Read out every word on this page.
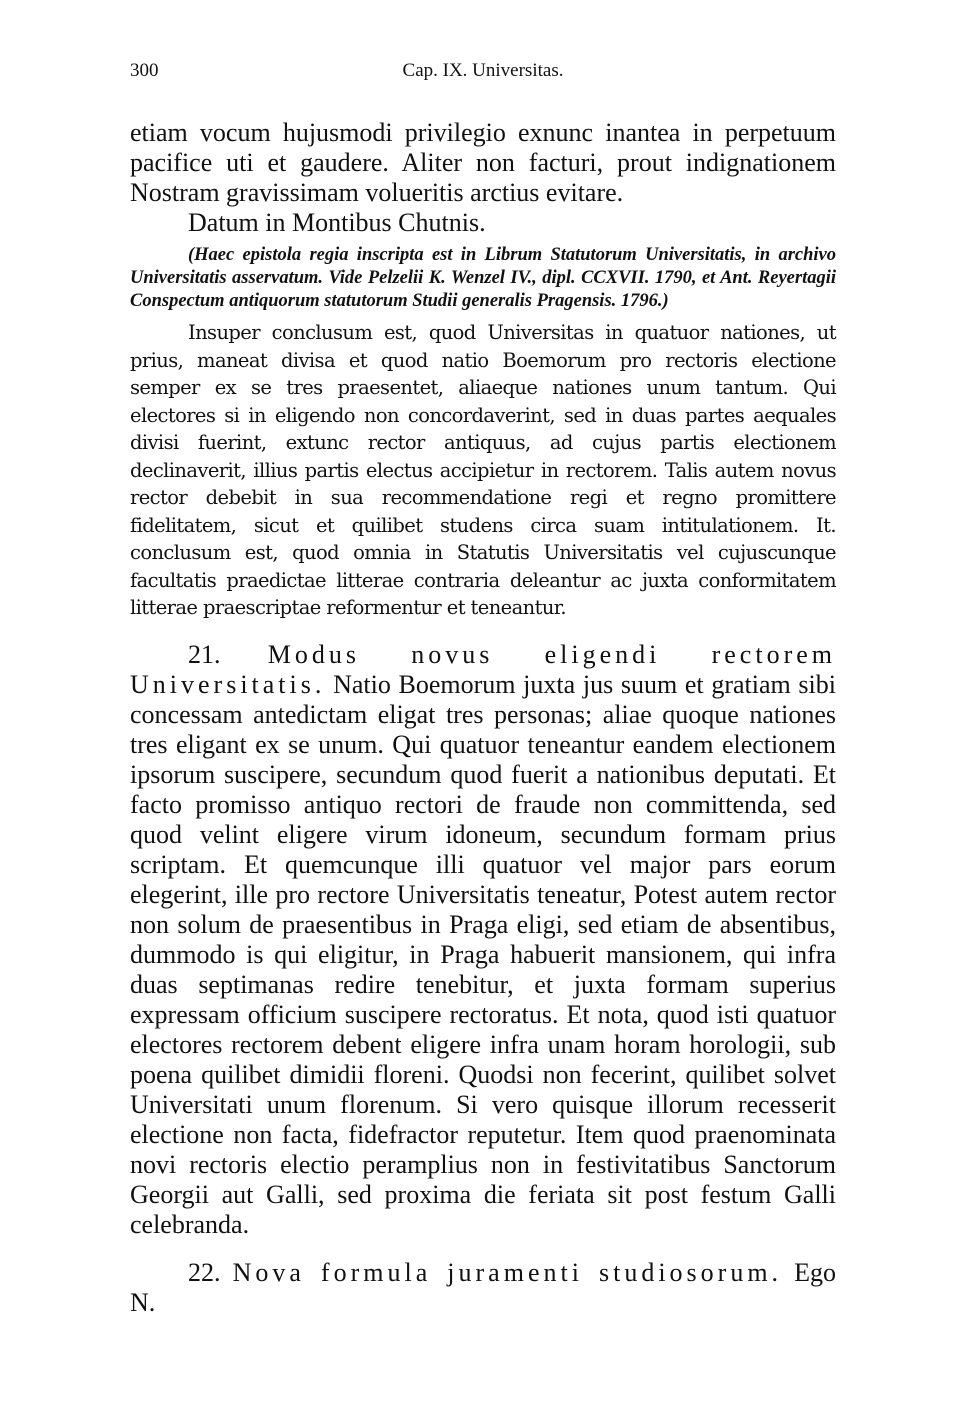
300	Cap. IX. Universitas.

etiam vocum hujusmodi privilegio exnunc inantea in perpetuum pacifice uti et gaudere. Aliter non facturi, prout indignationem Nostram gravissimam volueritis arctius evitare.

Datum in Montibus Chutnis.

(Haec epistola regia inscripta est in Librum Statutorum Universitatis, in archivo Universitatis asservatum. Vide Pelzelii K. Wenzel IV., dipl. CCXVII. 1790, et Ant. Reyertagii Conspectum antiquorum statutorum Studii generalis Pragensis. 1796.)

Insuper conclusum est, quod Universitas in quatuor nationes, ut prius, maneat divisa et quod natio Boemorum pro rectoris electione semper ex se tres praesentet, aliaeque nationes unum tantum. Qui electores si in eligendo non concordaverint, sed in duas partes aequales divisi fuerint, extunc rector antiquus, ad cujus partis electionem declinaverit, illius partis electus accipietur in rectorem. Talis autem novus rector debebit in sua recommendatione regi et regno promittere fidelitatem, sicut et quilibet studens circa suam intitulationem. It. conclusum est, quod omnia in Statutis Universitatis vel cujuscunque facultatis praedictae litterae contraria deleantur ac juxta conformitatem litterae praescriptae reformentur et teneantur.

21. Modus novus eligendi rectorem Universitatis. Natio Boemorum juxta jus suum et gratiam sibi concessam antedictam eligat tres personas; aliae quoque nationes tres eligant ex se unum. Qui quatuor teneantur eandem electionem ipsorum suscipere, secundum quod fuerit a nationibus deputati. Et facto promisso antiquo rectori de fraude non committenda, sed quod velint eligere virum idoneum, secundum formam prius scriptam. Et quemcunque illi quatuor vel major pars eorum elegerint, ille pro rectore Universitatis teneatur, Potest autem rector non solum de praesentibus in Praga eligi, sed etiam de absentibus, dummodo is qui eligitur, in Praga habuerit mansionem, qui infra duas septimanas redire tenebitur, et juxta formam superius expressam officium suscipere rectoratus. Et nota, quod isti quatuor electores rectorem debent eligere infra unam horam horologii, sub poena quilibet dimidii floreni. Quodsi non fecerint, quilibet solvet Universitati unum florenum. Si vero quisque illorum recesserit electione non facta, fidefractor reputetur. Item quod praenominata novi rectoris electio peramplius non in festivitatibus Sanctorum Georgii aut Galli, sed proxima die feriata sit post festum Galli celebranda.

22. Nova formula juramenti studiosorum. Ego N.
